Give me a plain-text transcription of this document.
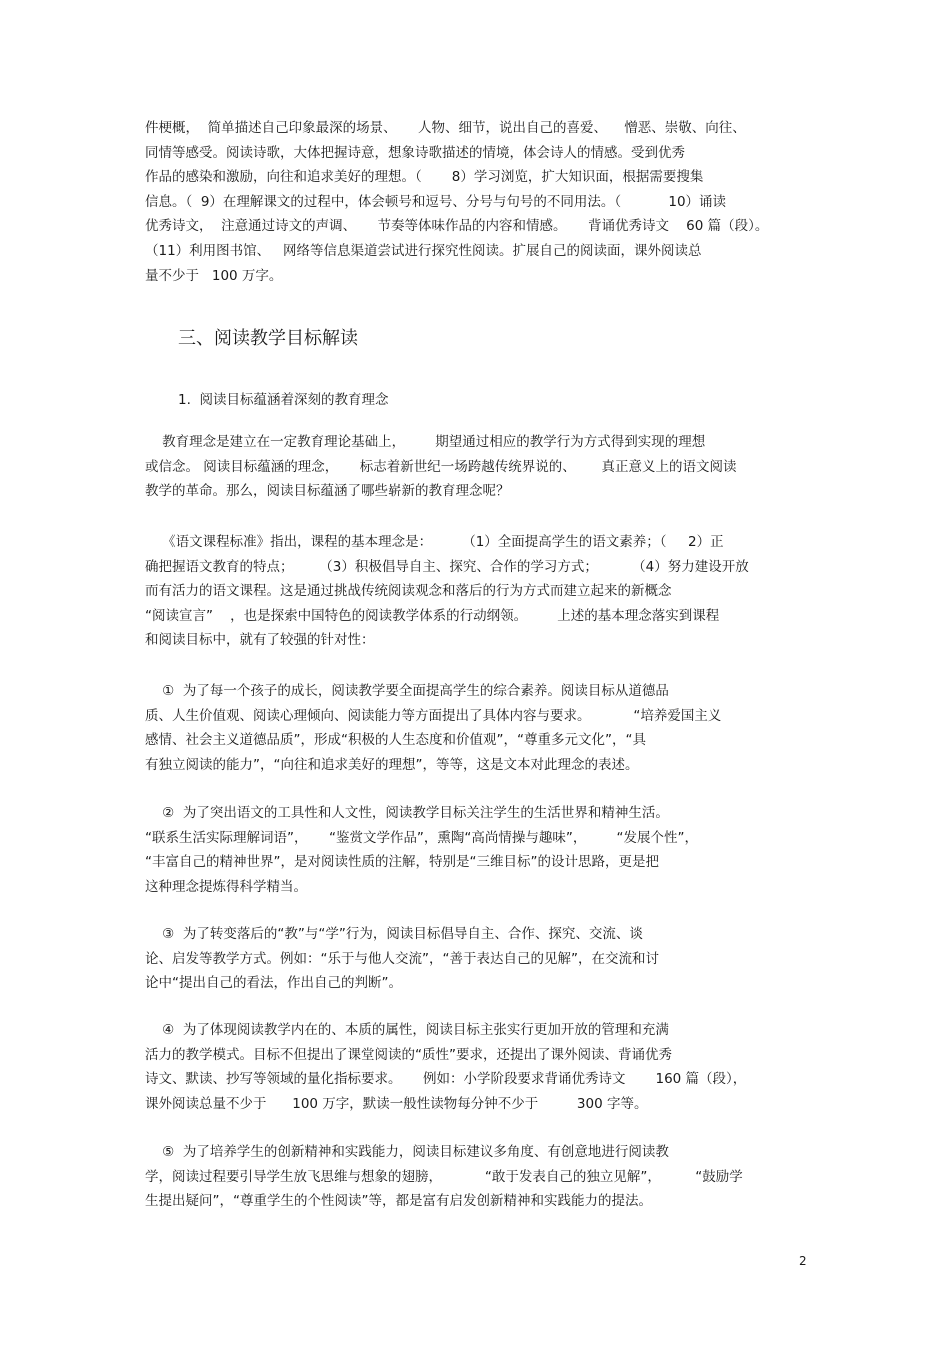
件梗概，  简单描述自己印象最深的场景、     人物、细节，说出自己的喜爱、    憎恶、崇敬、向往、
同情等感受。阅读诗歌，大体把握诗意，想象诗歌描述的情境，体会诗人的情感。受到优秀
作品的感染和激励，向往和追求美好的理想。（       8）学习浏览，扩大知识面，根据需要搜集
信息。（  9）在理解课文的过程中，体会顿号和逗号、分号与句号的不同用法。（           10）诵读
优秀诗文，  注意通过诗文的声调、     节奏等体味作品的内容和情感。     背诵优秀诗文    60 篇（段）。
（11）利用图书馆、   网络等信息渠道尝试进行探究性阅读。扩展自己的阅读面，课外阅读总
量不少于   100 万字。
三、阅读教学目标解读
1.  阅读目标蕴涵着深刻的教育理念
教育理念是建立在一定教育理论基础上，       期望通过相应的教学行为方式得到实现的理想
或信念。 阅读目标蕴涵的理念，     标志着新世纪一场跨越传统界说的、      真正意义上的语文阅读
教学的革命。那么，阅读目标蕴涵了哪些崭新的教育理念呢？
《语文课程标准》指出，课程的基本理念是：       （1）全面提高学生的语文素养；（     2）正
确把握语文教育的特点；      （3）积极倡导自主、探究、合作的学习方式；        （4）努力建设开放
而有活力的语文课程。这是通过挑战传统阅读观念和落后的行为方式而建立起来的新概念
“阅读宣言”    ，也是探索中国特色的阅读教学体系的行动纲领。       上述的基本理念落实到课程
和阅读目标中，就有了较强的针对性：
①  为了每一个孩子的成长，阅读教学要全面提高学生的综合素养。阅读目标从道德品
质、人生价值观、阅读心理倾向、阅读能力等方面提出了具体内容与要求。          “培养爱国主义
感情、社会主义道德品质”，形成“积极的人生态度和价值观”，“尊重多元文化”，“具
有独立阅读的能力”，“向往和追求美好的理想”，等等，这是文本对此理念的表述。
②  为了突出语文的工具性和人文性，阅读教学目标关注学生的生活世界和精神生活。
“联系生活实际理解词语”，     “鉴赏文学作品”，熏陶“高尚情操与趣味”，       “发展个性”，
“丰富自己的精神世界”，是对阅读性质的注解，特别是“三维目标”的设计思路，更是把
这种理念提炼得科学精当。
③  为了转变落后的“教”与“学”行为，阅读目标倡导自主、合作、探究、交流、谈
论、启发等教学方式。例如：“乐于与他人交流”，“善于表达自己的见解”，在交流和讨
论中“提出自己的看法，作出自己的判断”。
④  为了体现阅读教学内在的、本质的属性，阅读目标主张实行更加开放的管理和充满
活力的教学模式。目标不但提出了课堂阅读的“质性”要求，还提出了课外阅读、背诵优秀
诗文、默读、抄写等领域的量化指标要求。     例如：小学阶段要求背诵优秀诗文       160 篇（段），
课外阅读总量不少于      100 万字，默读一般性读物每分钟不少于         300 字等。
⑤  为了培养学生的创新精神和实践能力，阅读目标建议多角度、有创意地进行阅读教
学，阅读过程要引导学生放飞思维与想象的翅膀，          “敢于发表自己的独立见解”，        “鼓励学
生提出疑问”，“尊重学生的个性阅读”等，都是富有启发创新精神和实践能力的提法。
2
